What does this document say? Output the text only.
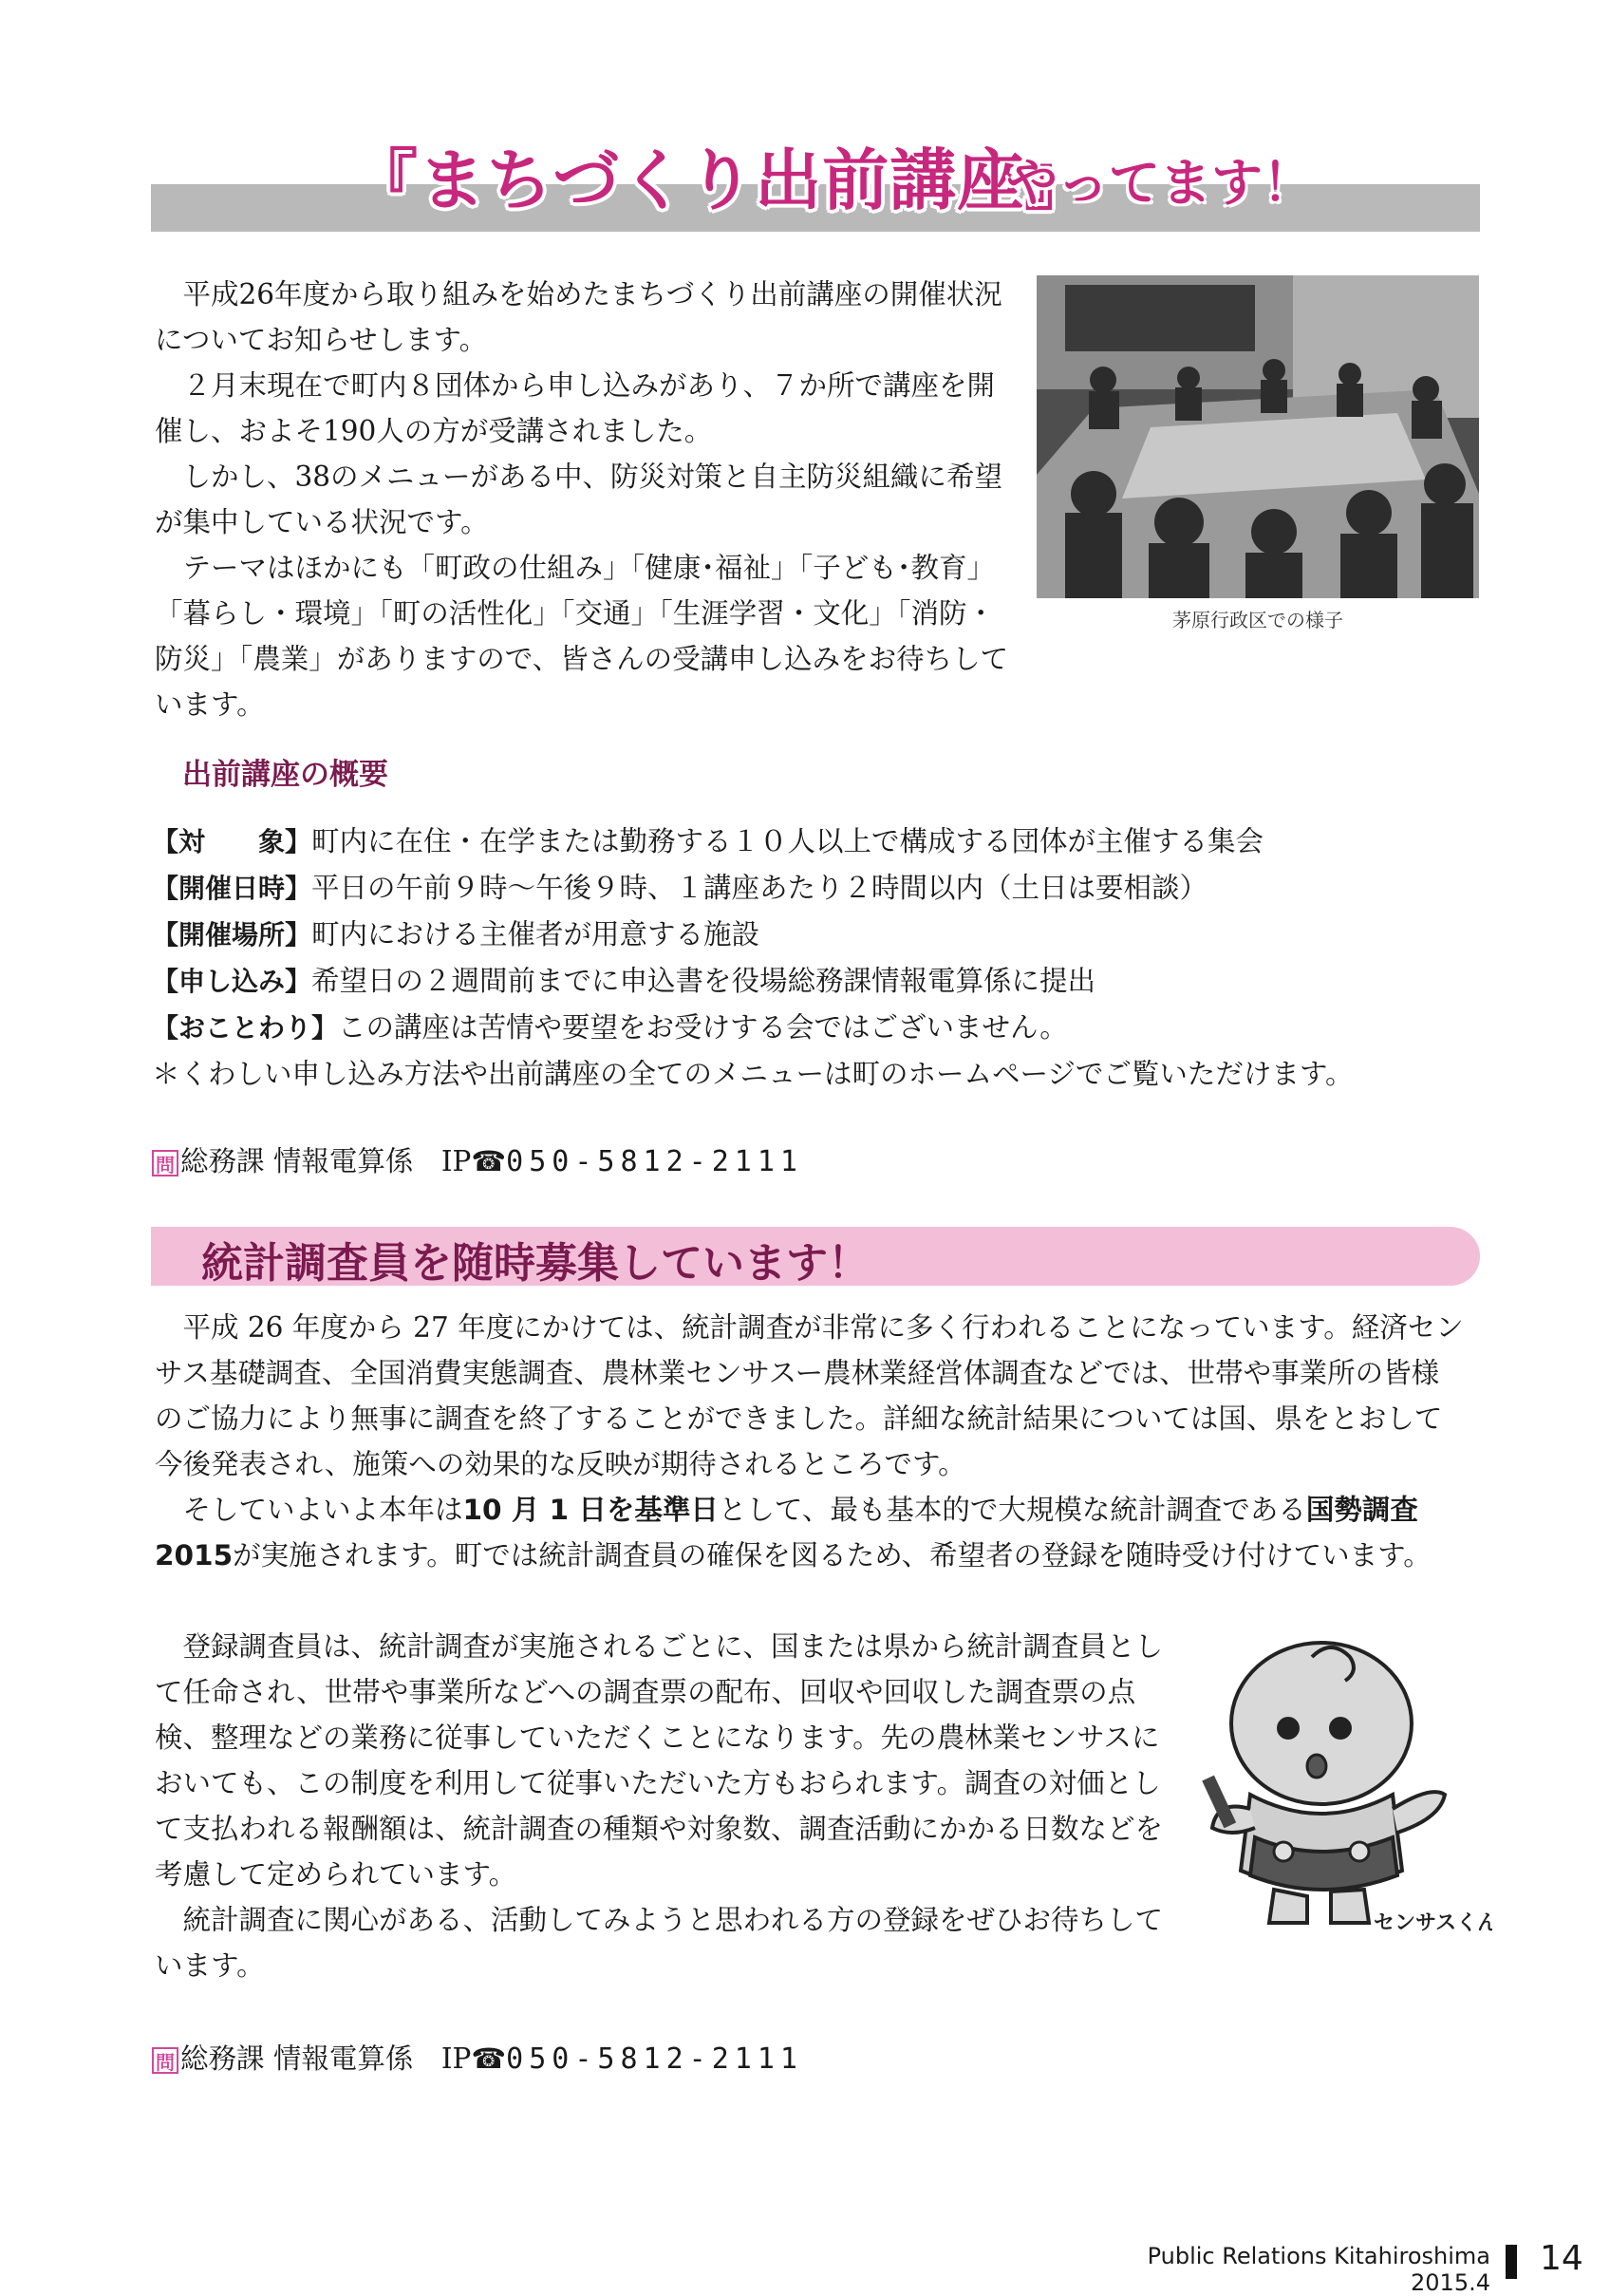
『まちづくり出前講座』
やってます！

平成26年度から取り組みを始めたまちづくり出前講座の開催状況についてお知らせします。

２月末現在で町内８団体から申し込みがあり、７か所で講座を開催し、およそ190人の方が受講されました。

しかし、38のメニューがある中、防災対策と自主防災組織に希望が集中している状況です。

テーマはほかにも「町政の仕組み」「健康･福祉」「子ども･教育」「暮らし・環境」「町の活性化」「交通」「生涯学習・文化」「消防・防災」「農業」がありますので、皆さんの受講申し込みをお待ちしています。

茅原行政区での様子
出前講座の概要
【対　　象】町内に在住・在学または勤務する１０人以上で構成する団体が主催する集会
【開催日時】平日の午前９時～午後９時、１講座あたり２時間以内（土日は要相談）
【開催場所】町内における主催者が用意する施設
【申し込み】希望日の２週間前までに申込書を役場総務課情報電算係に提出
【おことわり】この講座は苦情や要望をお受けする会ではございません。
＊くわしい申し込み方法や出前講座の全てのメニューは町のホームページでご覧いただけます。
問 総務課 情報電算係　 IP☎050-5812-2111
統計調査員を随時募集しています！

平成 26 年度から 27 年度にかけては、統計調査が非常に多く行われることになっています。経済センサス基礎調査、全国消費実態調査、農林業センサスー農林業経営体調査などでは、世帯や事業所の皆様のご協力により無事に調査を終了することができました。詳細な統計結果については国、県をとおして今後発表され、施策への効果的な反映が期待されるところです。

そしていよいよ本年は10 月 1 日を基準日として、最も基本的で大規模な統計調査である国勢調査 2015が実施されます。町では統計調査員の確保を図るため、希望者の登録を随時受け付けています。

登録調査員は、統計調査が実施されるごとに、国または県から統計調査員として任命され、世帯や事業所などへの調査票の配布、回収や回収した調査票の点検、整理などの業務に従事していただくことになります。先の農林業センサスにおいても、この制度を利用して従事いただいた方もおられます。調査の対価として支払われる報酬額は、統計調査の種類や対象数、調査活動にかかる日数などを考慮して定められています。

統計調査に関心がある、活動してみようと思われる方の登録をぜひお待ちしています。

センサスくん
問 総務課 情報電算係　 IP☎050-5812-2111
Public Relations Kitahiroshima
2015.4
14
